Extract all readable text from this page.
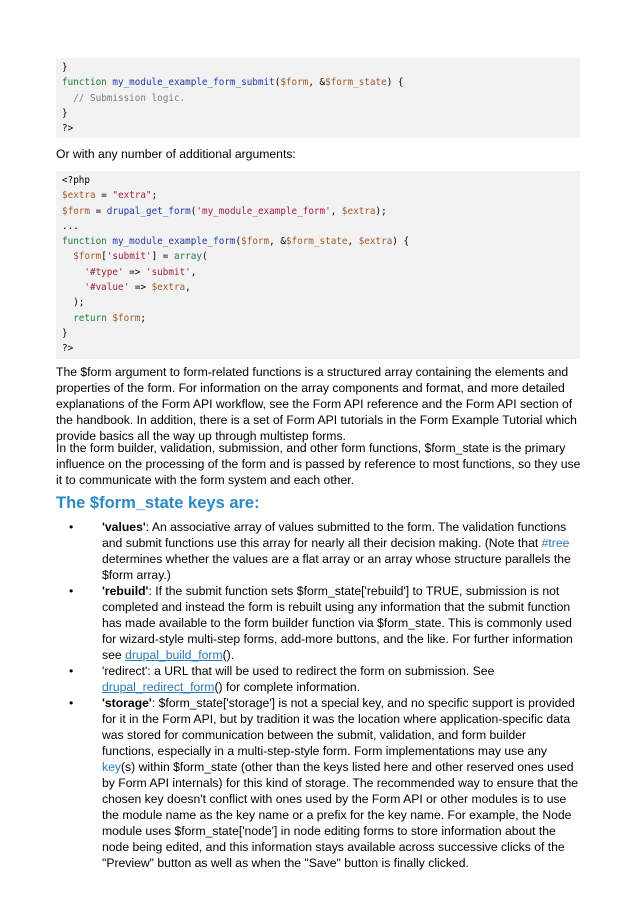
}
function my_module_example_form_submit($form, &$form_state) {
// Submission logic.
}
?>

Or with any number of additional arguments:

<?php
$extra = "extra";
$form = drupal_get_form('my_module_example_form', $extra);
...
function my_module_example_form($form, &$form_state, $extra) {
$form['submit'] = array(
'#type' => 'submit',
'#value' => $extra,
);
return $form;
}
?>

The $form argument to form-related functions is a structured array containing the elements and properties of the form. For information on the array components and format, and more detailed explanations of the Form API workflow, see the Form API reference and the Form API section of the handbook. In addition, there is a set of Form API tutorials in the Form Example Tutorial which provide basics all the way up through multistep forms.

In the form builder, validation, submission, and other form functions, $form_state is the primary influence on the processing of the form and is passed by reference to most functions, so they use it to communicate with the form system and each other.

The $form_state keys are:
• 'values': An associative array of values submitted to the form. The validation functions and submit functions use this array for nearly all their decision making. (Note that #tree determines whether the values are a flat array or an array whose structure parallels the $form array.)
• 'rebuild': If the submit function sets $form_state['rebuild'] to TRUE, submission is not completed and instead the form is rebuilt using any information that the submit function has made available to the form builder function via $form_state. This is commonly used for wizard-style multi-step forms, add-more buttons, and the like. For further information see drupal_build_form().
• 'redirect': a URL that will be used to redirect the form on submission. See drupal_redirect_form() for complete information.
• 'storage': $form_state['storage'] is not a special key, and no specific support is provided for it in the Form API, but by tradition it was the location where application-specific data was stored for communication between the submit, validation, and form builder functions, especially in a multi-step-style form. Form implementations may use any key(s) within $form_state (other than the keys listed here and other reserved ones used by Form API internals) for this kind of storage. The recommended way to ensure that the chosen key doesn't conflict with ones used by the Form API or other modules is to use the module name as the key name or a prefix for the key name. For example, the Node module uses $form_state['node'] in node editing forms to store information about the node being edited, and this information stays available across successive clicks of the "Preview" button as well as when the "Save" button is finally clicked.
